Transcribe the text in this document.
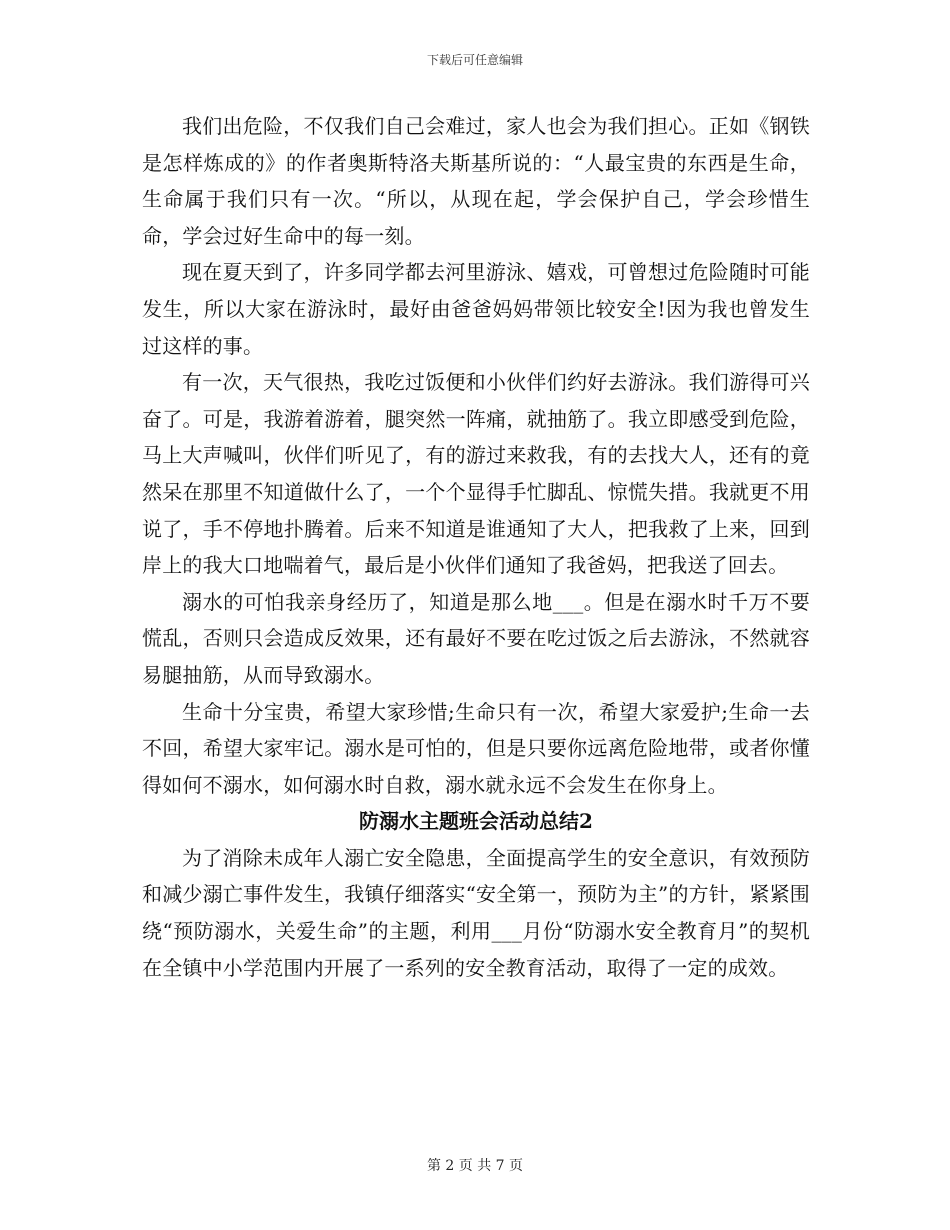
下载后可任意编辑

我们出危险，不仅我们自己会难过，家人也会为我们担心。正如《钢铁是怎样炼成的》的作者奥斯特洛夫斯基所说的：“人最宝贵的东西是生命，生命属于我们只有一次。“所以，从现在起，学会保护自己，学会珍惜生命，学会过好生命中的每一刻。

现在夏天到了，许多同学都去河里游泳、嬉戏，可曾想过危险随时可能发生，所以大家在游泳时，最好由爸爸妈妈带领比较安全!因为我也曾发生过这样的事。

有一次，天气很热，我吃过饭便和小伙伴们约好去游泳。我们游得可兴奋了。可是，我游着游着，腿突然一阵痛，就抽筋了。我立即感受到危险，马上大声喊叫，伙伴们听见了，有的游过来救我，有的去找大人，还有的竟然呆在那里不知道做什么了，一个个显得手忙脚乱、惊慌失措。我就更不用说了，手不停地扑腾着。后来不知道是谁通知了大人，把我救了上来，回到岸上的我大口地喘着气，最后是小伙伴们通知了我爸妈，把我送了回去。

溺水的可怕我亲身经历了，知道是那么地___。但是在溺水时千万不要慌乱，否则只会造成反效果，还有最好不要在吃过饭之后去游泳，不然就容易腿抽筋，从而导致溺水。

生命十分宝贵，希望大家珍惜;生命只有一次，希望大家爱护;生命一去不回，希望大家牢记。溺水是可怕的，但是只要你远离危险地带，或者你懂得如何不溺水，如何溺水时自救，溺水就永远不会发生在你身上。

防溺水主题班会活动总结2

为了消除未成年人溺亡安全隐患，全面提高学生的安全意识，有效预防和减少溺亡事件发生，我镇仔细落实“安全第一，预防为主”的方针，紧紧围绕“预防溺水，关爱生命”的主题，利用___月份“防溺水安全教育月”的契机在全镇中小学范围内开展了一系列的安全教育活动，取得了一定的成效。

第 2 页 共 7 页
